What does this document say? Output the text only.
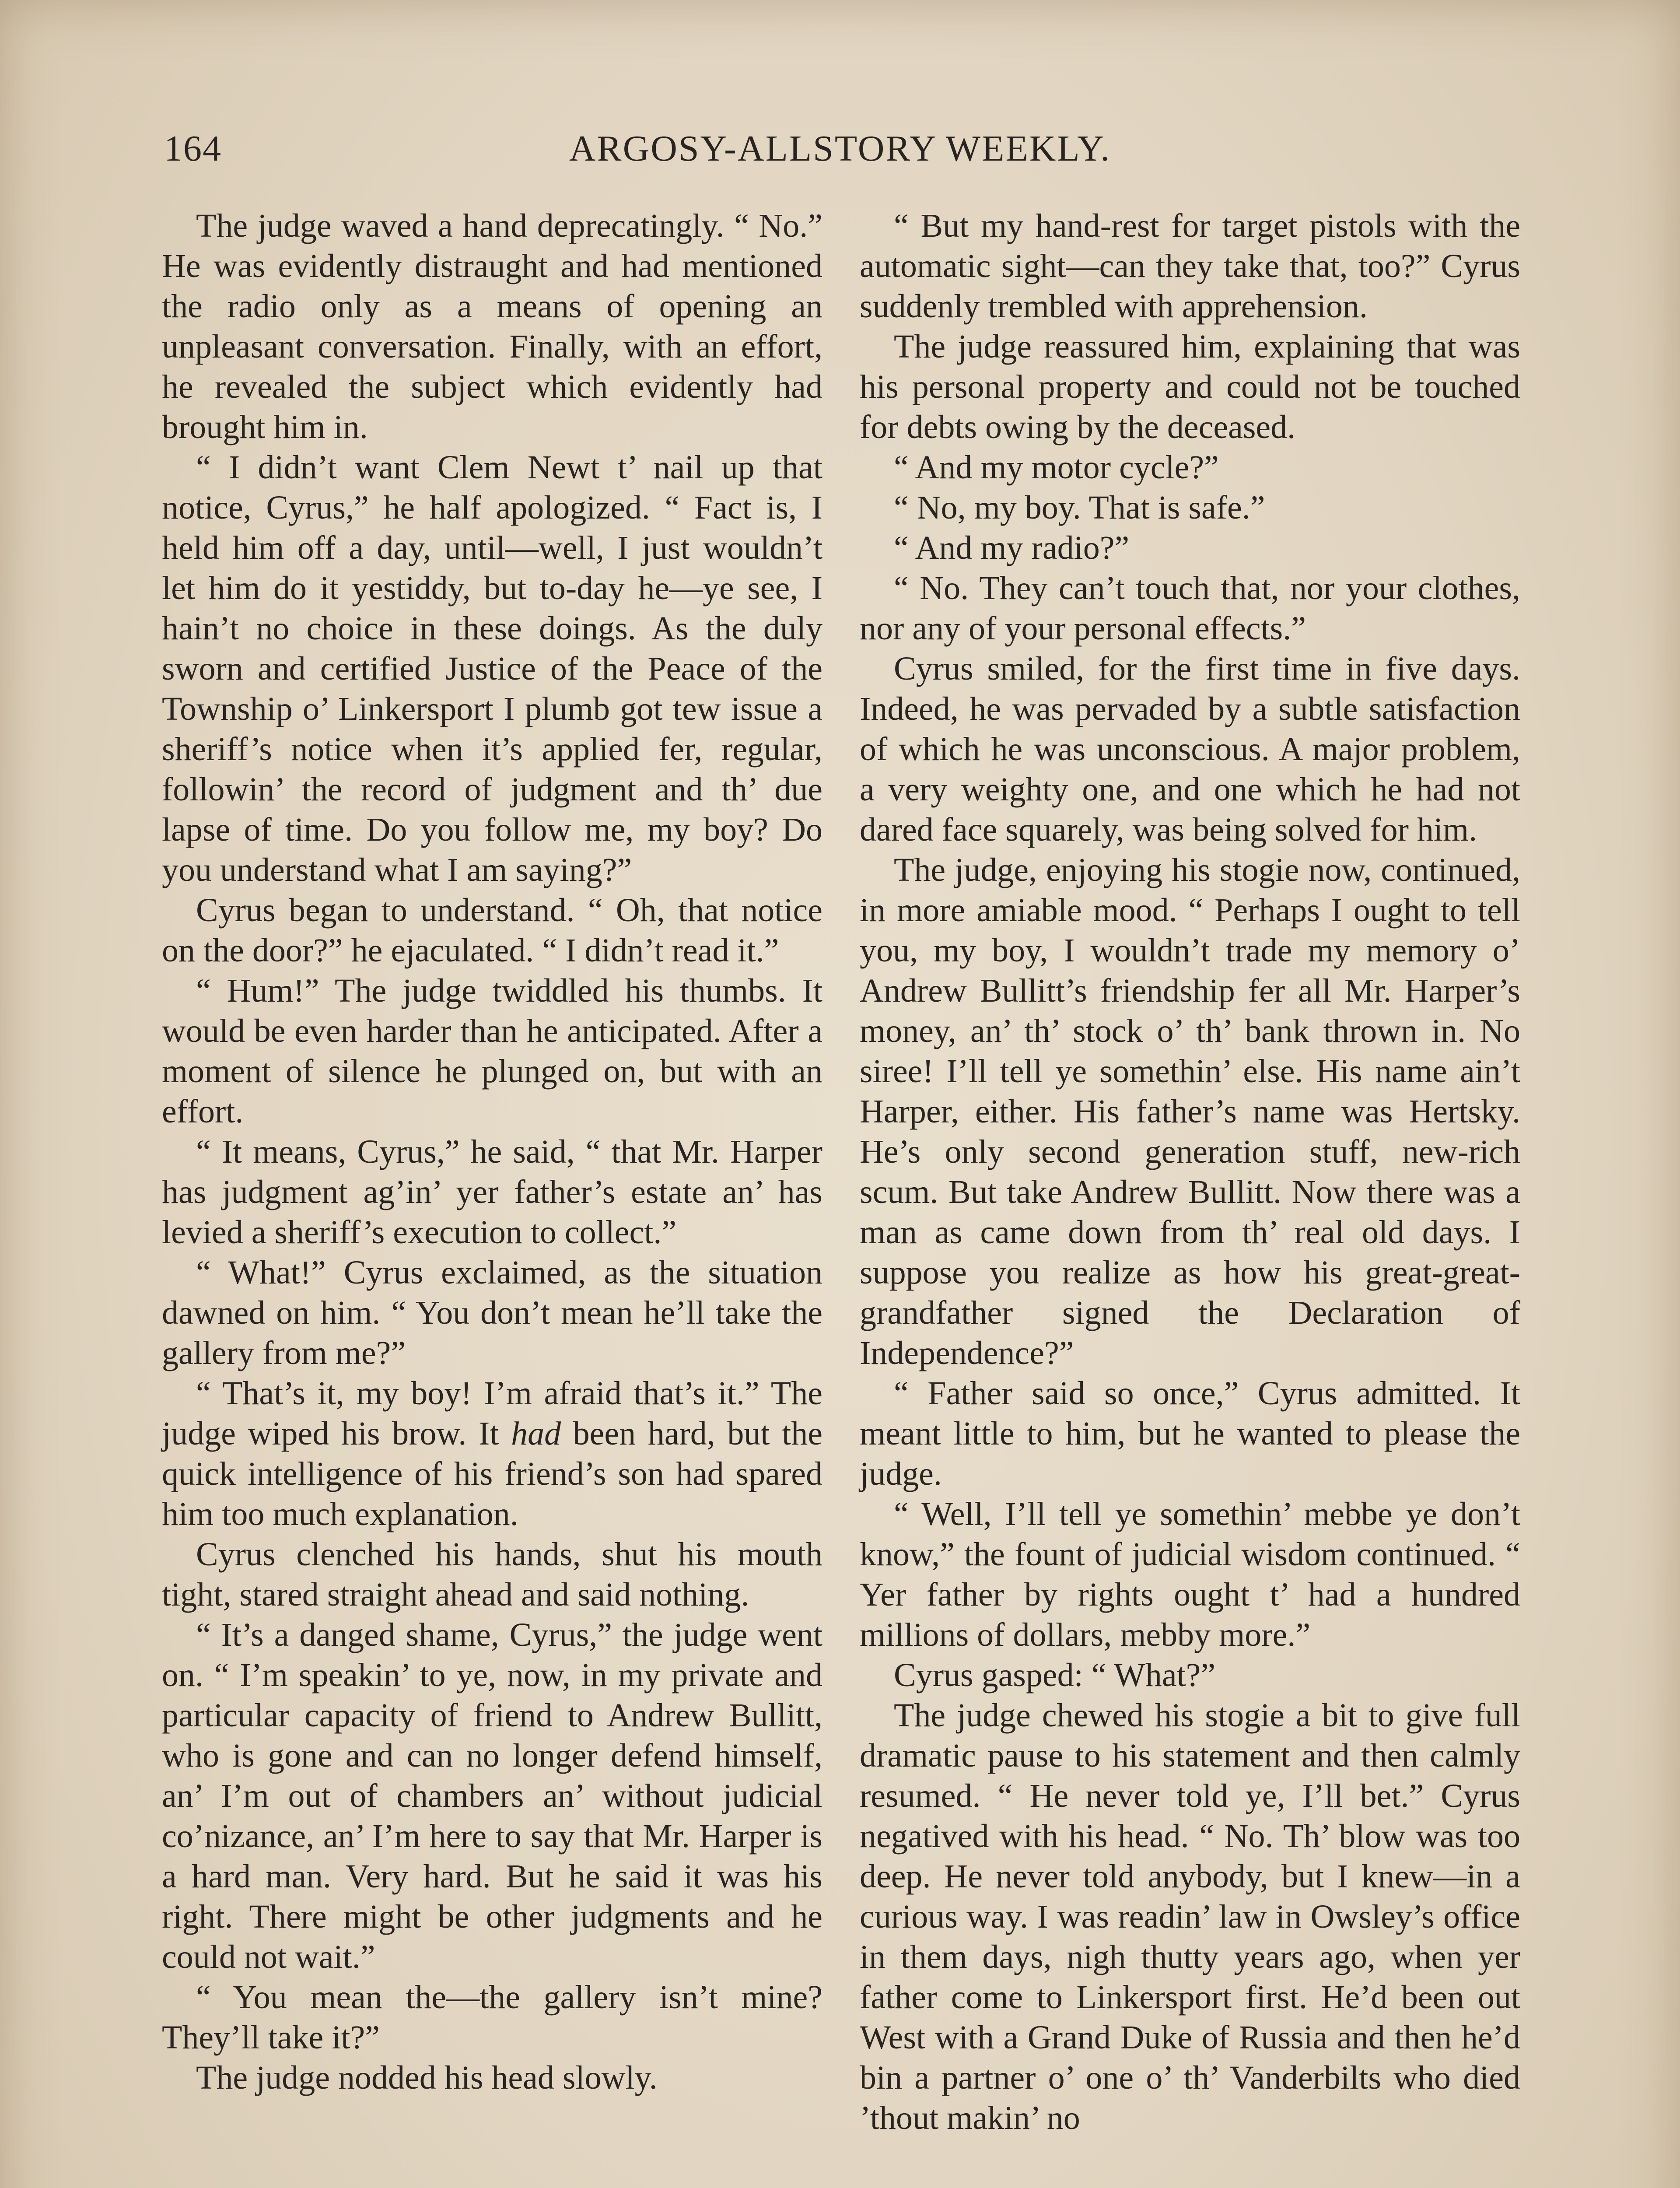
164	ARGOSY-ALLSTORY WEEKLY.

The judge waved a hand deprecatingly. “ No.” He was evidently distraught and had mentioned the radio only as a means of opening an unpleasant conversation. Finally, with an effort, he revealed the subject which evidently had brought him in.

“ I didn’t want Clem Newt t’ nail up that notice, Cyrus,” he half apologized. “ Fact is, I held him off a day, until—well, I just wouldn’t let him do it yestiddy, but to-day he—ye see, I hain’t no choice in these doings. As the duly sworn and certified Justice of the Peace of the Township o’ Linkersport I plumb got tew issue a sheriff’s notice when it’s applied fer, regular, followin’ the record of judgment and th’ due lapse of time. Do you follow me, my boy? Do you understand what I am saying?”

Cyrus began to understand. “ Oh, that notice on the door?” he ejaculated. “ I didn’t read it.”

“ Hum!” The judge twiddled his thumbs. It would be even harder than he anticipated. After a moment of silence he plunged on, but with an effort.

“ It means, Cyrus,” he said, “ that Mr. Harper has judgment ag’in’ yer father’s estate an’ has levied a sheriff’s execution to collect.”

“ What!” Cyrus exclaimed, as the situation dawned on him. “ You don’t mean he’ll take the gallery from me?”

“ That’s it, my boy! I’m afraid that’s it.” The judge wiped his brow. It had been hard, but the quick intelligence of his friend’s son had spared him too much explanation.

Cyrus clenched his hands, shut his mouth tight, stared straight ahead and said nothing.

“ It’s a danged shame, Cyrus,” the judge went on. “ I’m speakin’ to ye, now, in my private and particular capacity of friend to Andrew Bullitt, who is gone and can no longer defend himself, an’ I’m out of chambers an’ without judicial co’nizance, an’ I’m here to say that Mr. Harper is a hard man. Very hard. But he said it was his right. There might be other judgments and he could not wait.”

“ You mean the—the gallery isn’t mine? They’ll take it?”

The judge nodded his head slowly.

“ But my hand-rest for target pistols with the automatic sight—can they take that, too?” Cyrus suddenly trembled with apprehension.

The judge reassured him, explaining that was his personal property and could not be touched for debts owing by the deceased.

“ And my motor cycle?”

“ No, my boy. That is safe.”

“ And my radio?”

“ No. They can’t touch that, nor your clothes, nor any of your personal effects.”

Cyrus smiled, for the first time in five days. Indeed, he was pervaded by a subtle satisfaction of which he was unconscious. A major problem, a very weighty one, and one which he had not dared face squarely, was being solved for him.

The judge, enjoying his stogie now, continued, in more amiable mood. “ Perhaps I ought to tell you, my boy, I wouldn’t trade my memory o’ Andrew Bullitt’s friendship fer all Mr. Harper’s money, an’ th’ stock o’ th’ bank thrown in. No siree! I’ll tell ye somethin’ else. His name ain’t Harper, either. His father’s name was Hertsky. He’s only second generation stuff, new-rich scum. But take Andrew Bullitt. Now there was a man as came down from th’ real old days. I suppose you realize as how his great-great-grandfather signed the Declaration of Independence?”

“ Father said so once,” Cyrus admitted. It meant little to him, but he wanted to please the judge.

“ Well, I’ll tell ye somethin’ mebbe ye don’t know,” the fount of judicial wisdom continued. “ Yer father by rights ought t’ had a hundred millions of dollars, mebby more.”

Cyrus gasped: “ What?”

The judge chewed his stogie a bit to give full dramatic pause to his statement and then calmly resumed. “ He never told ye, I’ll bet.” Cyrus negatived with his head. “ No. Th’ blow was too deep. He never told anybody, but I knew—in a curious way. I was readin’ law in Owsley’s office in them days, nigh thutty years ago, when yer father come to Linkersport first. He’d been out West with a Grand Duke of Russia and then he’d bin a partner o’ one o’ th’ Vanderbilts who died ’thout makin’ no
